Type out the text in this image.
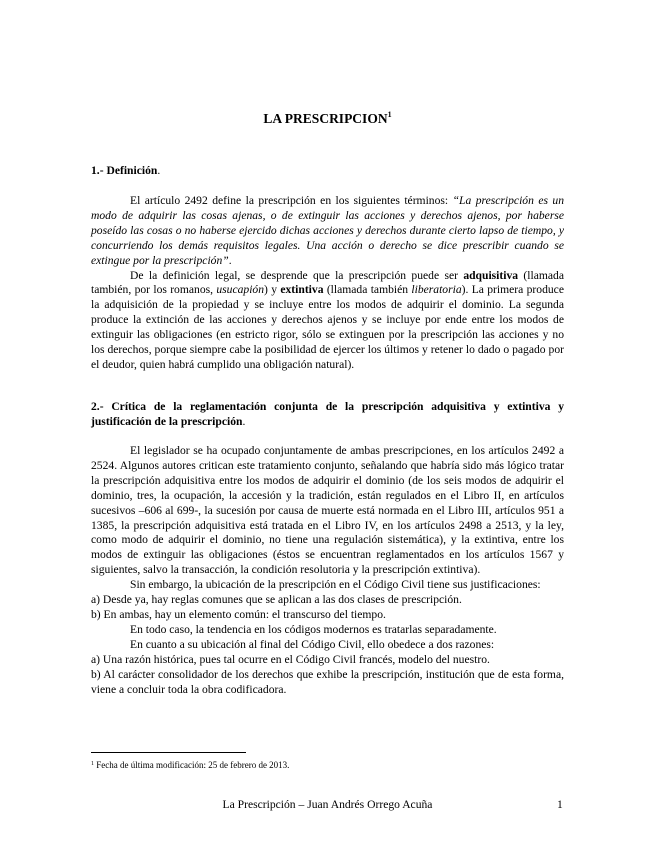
LA PRESCRIPCION$^1$
1.- Definición.

El artículo 2492 define la prescripción en los siguientes términos: “La prescripción es un modo de adquirir las cosas ajenas, o de extinguir las acciones y derechos ajenos, por haberse poseído las cosas o no haberse ejercido dichas acciones y derechos durante cierto lapso de tiempo, y concurriendo los demás requisitos legales. Una acción o derecho se dice prescribir cuando se extingue por la prescripción”.

De la definición legal, se desprende que la prescripción puede ser adquisitiva (llamada también, por los romanos, usucapión) y extintiva (llamada también liberatoria). La primera produce la adquisición de la propiedad y se incluye entre los modos de adquirir el dominio. La segunda produce la extinción de las acciones y derechos ajenos y se incluye por ende entre los modos de extinguir las obligaciones (en estricto rigor, sólo se extinguen por la prescripción las acciones y no los derechos, porque siempre cabe la posibilidad de ejercer los últimos y retener lo dado o pagado por el deudor, quien habrá cumplido una obligación natural).

2.- Crítica de la reglamentación conjunta de la prescripción adquisitiva y extintiva y justificación de la prescripción.

El legislador se ha ocupado conjuntamente de ambas prescripciones, en los artículos 2492 a 2524. Algunos autores critican este tratamiento conjunto, señalando que habría sido más lógico tratar la prescripción adquisitiva entre los modos de adquirir el dominio (de los seis modos de adquirir el dominio, tres, la ocupación, la accesión y la tradición, están regulados en el Libro II, en artículos sucesivos –606 al 699-, la sucesión por causa de muerte está normada en el Libro III, artículos 951 a 1385, la prescripción adquisitiva está tratada en el Libro IV, en los artículos 2498 a 2513, y la ley, como modo de adquirir el dominio, no tiene una regulación sistemática), y la extintiva, entre los modos de extinguir las obligaciones (éstos se encuentran reglamentados en los artículos 1567 y siguientes, salvo la transacción, la condición resolutoria y la prescripción extintiva).

Sin embargo, la ubicación de la prescripción en el Código Civil tiene sus justificaciones:

a) Desde ya, hay reglas comunes que se aplican a las dos clases de prescripción.

b) En ambas, hay un elemento común: el transcurso del tiempo.

En todo caso, la tendencia en los códigos modernos es tratarlas separadamente.

En cuanto a su ubicación al final del Código Civil, ello obedece a dos razones:

a) Una razón histórica, pues tal ocurre en el Código Civil francés, modelo del nuestro.

b) Al carácter consolidador de los derechos que exhibe la prescripción, institución que de esta forma, viene a concluir toda la obra codificadora.

$^1$ Fecha de última modificación: 25 de febrero de 2013.
La Prescripción – Juan Andrés Orrego Acuña	1
